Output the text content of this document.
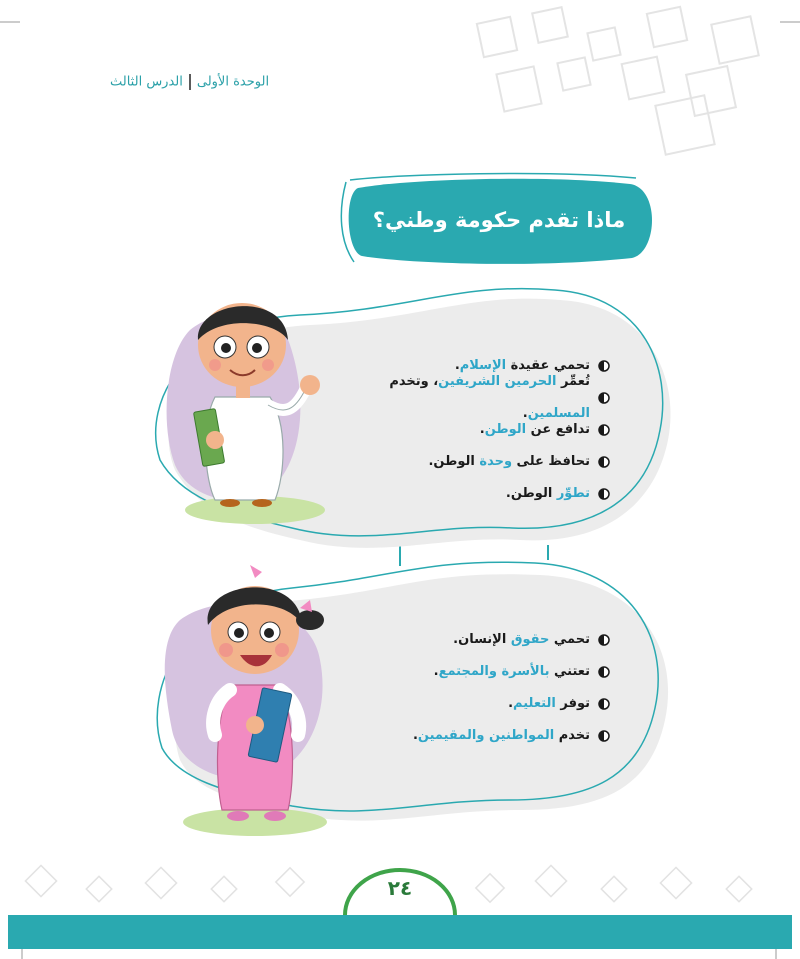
الوحدة الأولىالدرس الثالث
ماذا تقدم حكومة وطني؟
تحمي عقيدة الإسلام.
تُعمِّر الحرمين الشريفين، وتخدم المسلمين.
تدافع عن الوطن.
تحافظ على وحدة الوطن.
تطوِّر الوطن.
تحمي حقوق الإنسان.
تعتني بالأسرة والمجتمع.
توفر التعليم.
تخدم المواطنين والمقيمين.
٢٤
